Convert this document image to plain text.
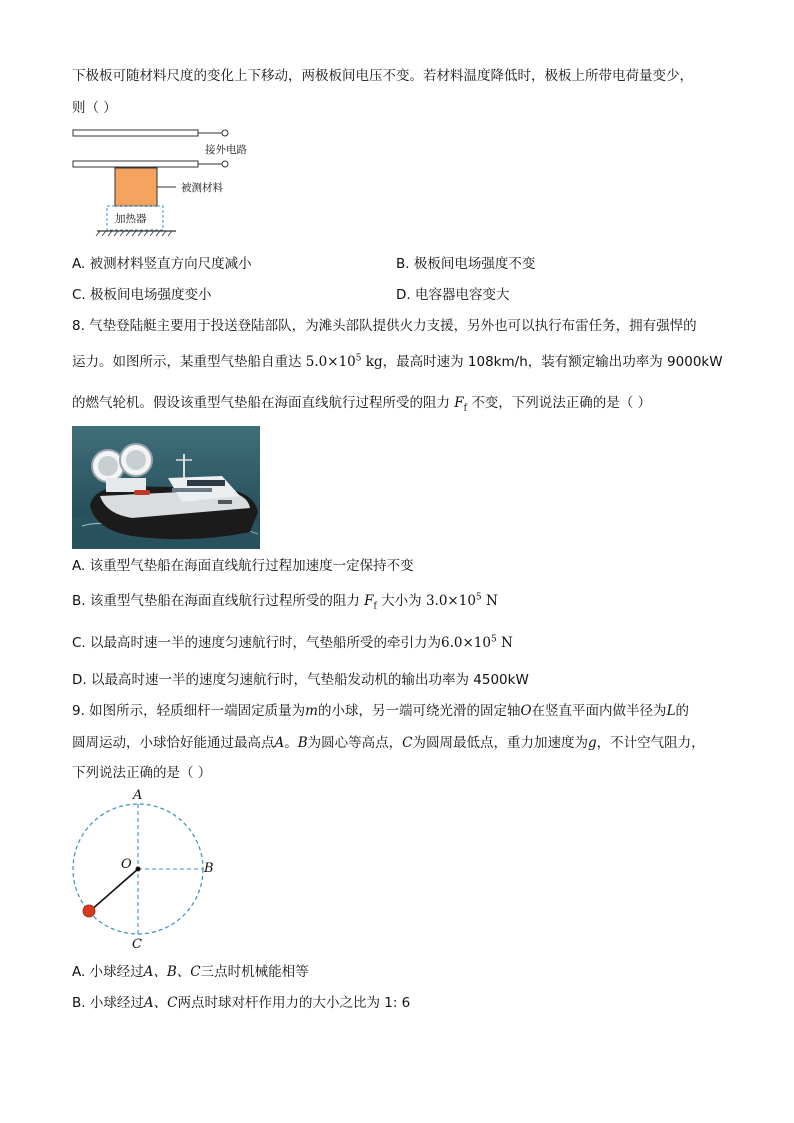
下极板可随材料尺度的变化上下移动，两极板间电压不变。若材料温度降低时，极板上所带电荷量变少，
则（ ）
接外电路
被测材料
加热器
A. 被测材料竖直方向尺度减小	B. 极板间电场强度不变
C. 极板间电场强度变小	D. 电容器电容变大
8. 气垫登陆艇主要用于投送登陆部队，为滩头部队提供火力支援，另外也可以执行布雷任务，拥有强悍的
运力。如图所示，某重型气垫船自重达 $5.0\times 10^5$ kg，最高时速为 108km/h，装有额定输出功率为 9000kW
的燃气轮机。假设该重型气垫船在海面直线航行过程所受的阻力 $F_f$ 不变，下列说法正确的是（ ）
A. 该重型气垫船在海面直线航行过程加速度一定保持不变
B. 该重型气垫船在海面直线航行过程所受的阻力 $F_f$ 大小为 $3.0\times 10^5$ N
C. 以最高时速一半的速度匀速航行时，气垫船所受的牵引力为$6.0\times 10^5$ N
D. 以最高时速一半的速度匀速航行时，气垫船发动机的输出功率为 4500kW
9. 如图所示，轻质细杆一端固定质量为m的小球，另一端可绕光滑的固定轴O在竖直平面内做半径为L的
圆周运动，小球恰好能通过最高点A。B为圆心等高点，C为圆周最低点，重力加速度为g，不计空气阻力，
下列说法正确的是（ ）
A
O	B
C
A. 小球经过A、B、C三点时机械能相等
B. 小球经过A、C两点时球对杆作用力的大小之比为 1: 6
